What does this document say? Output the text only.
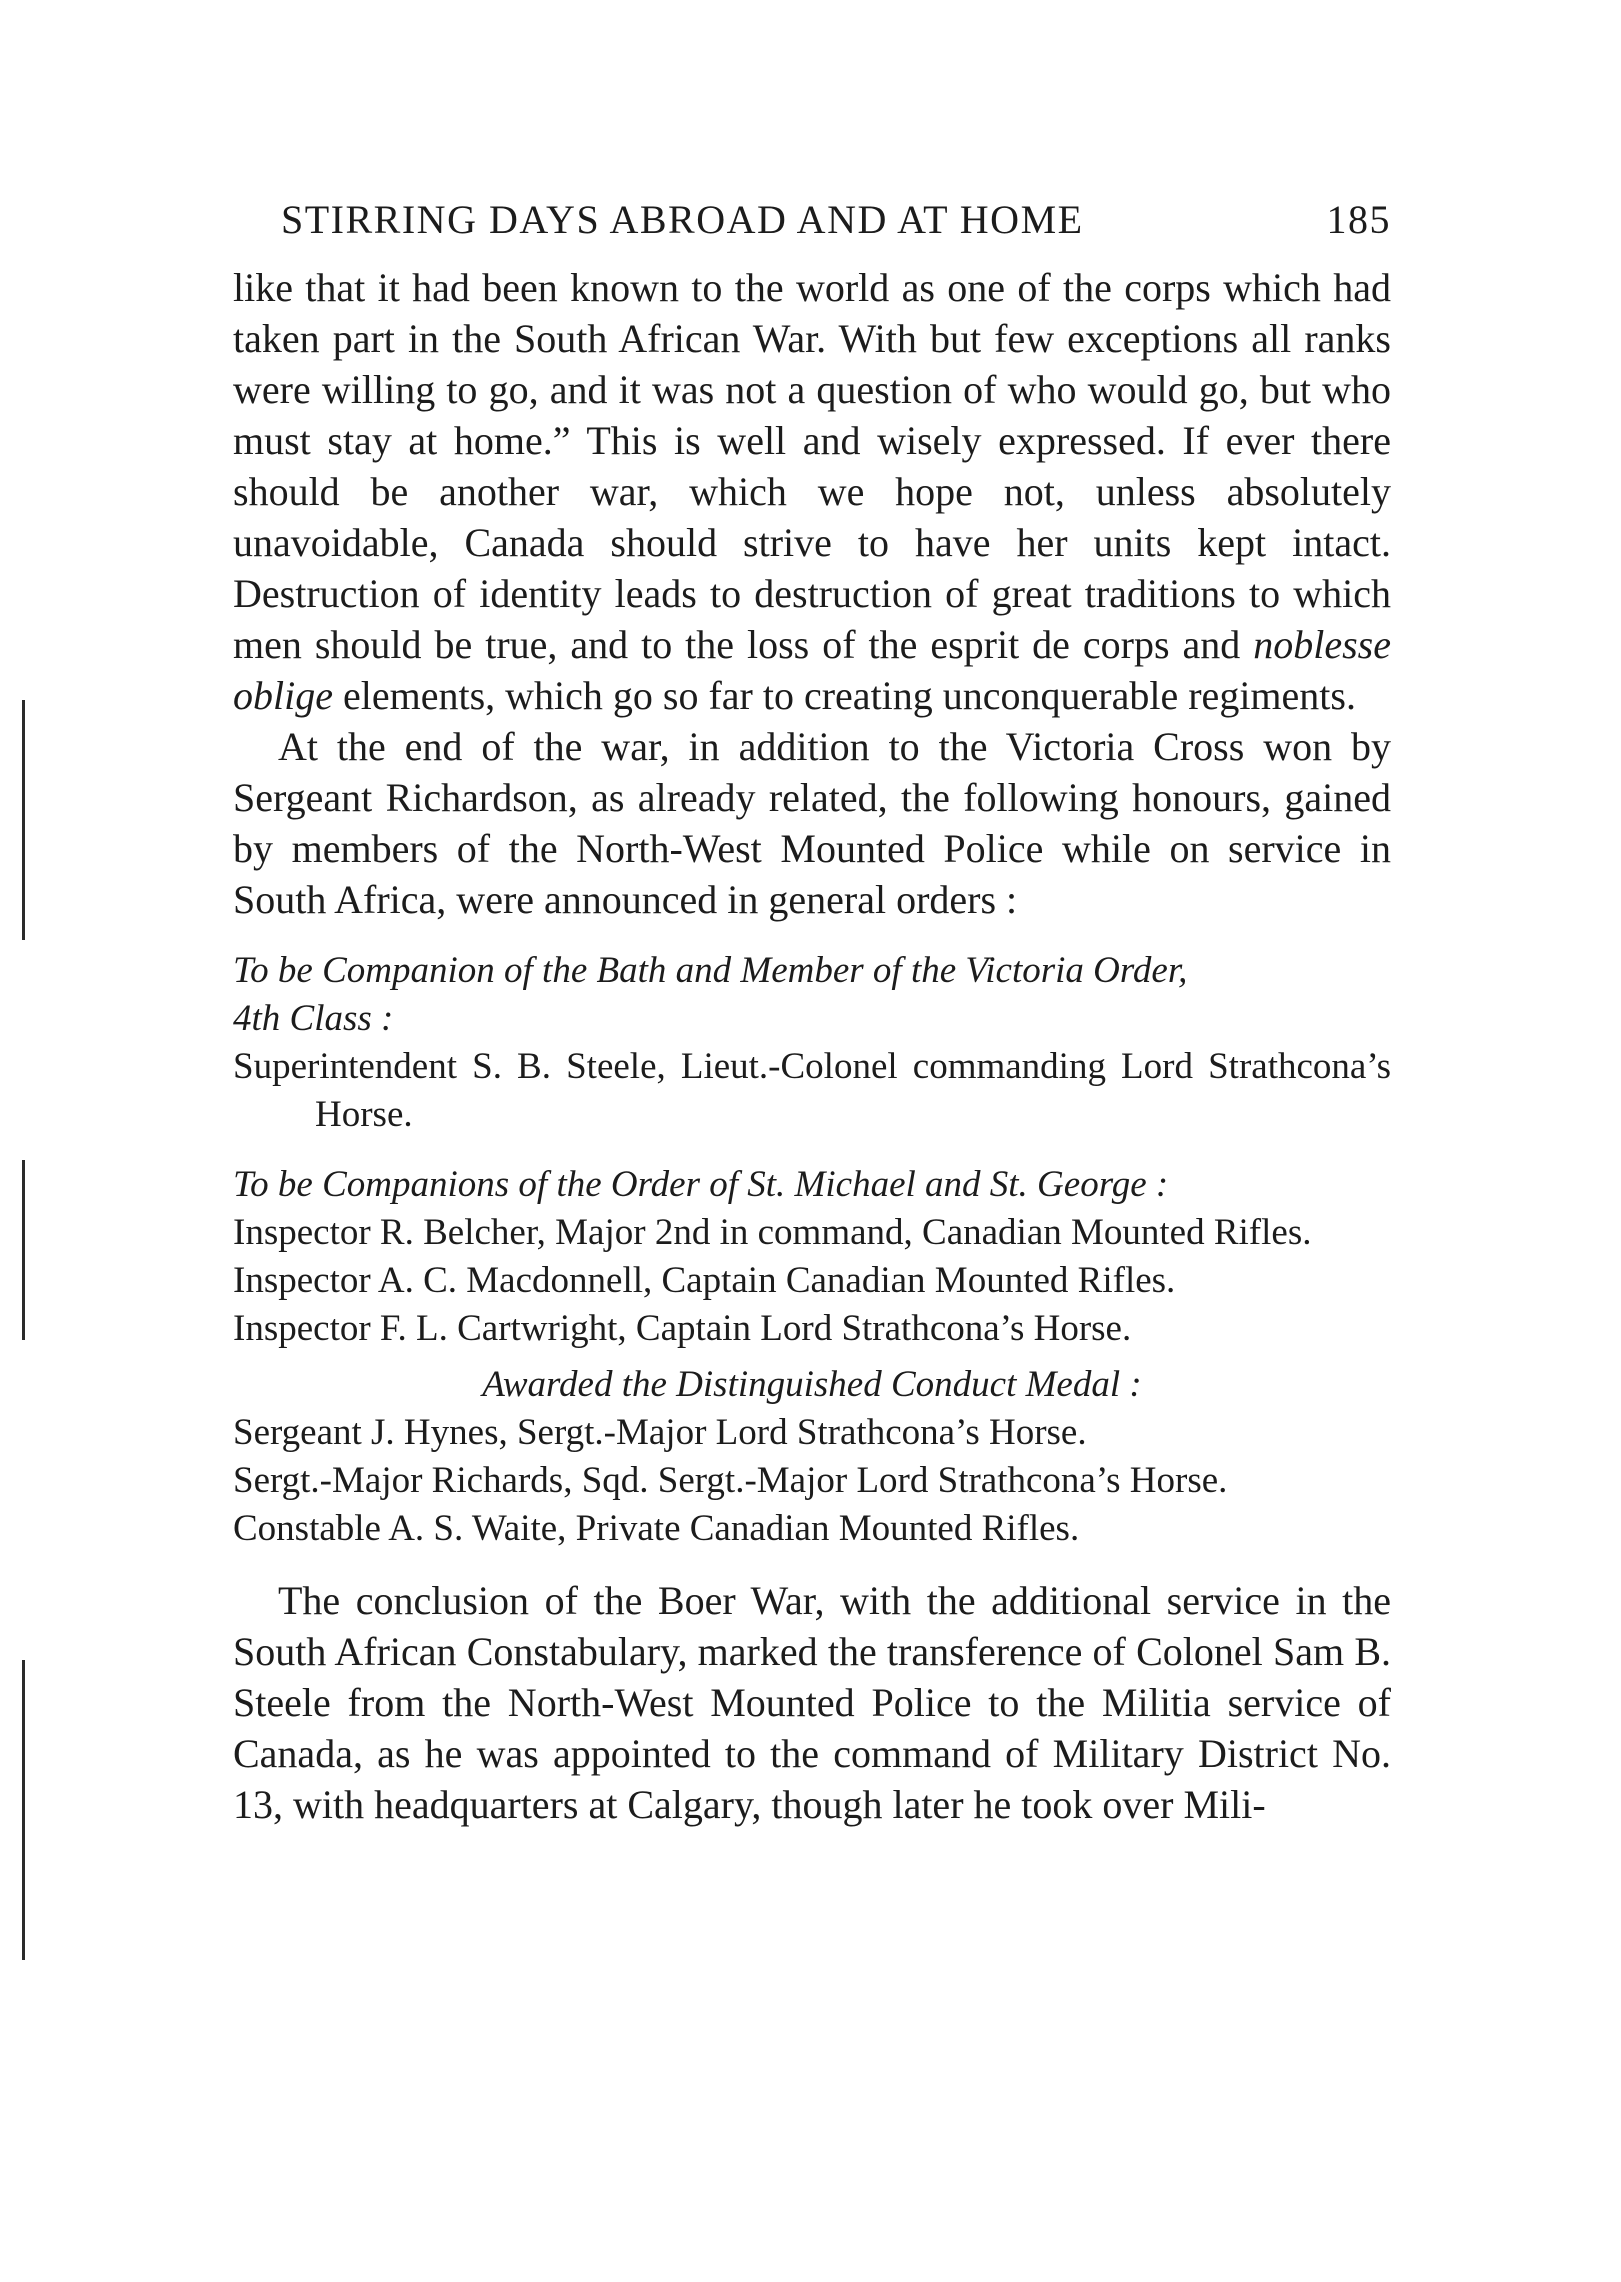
STIRRING DAYS ABROAD AND AT HOME	185

like that it had been known to the world as one of the corps which had taken part in the South African War. With but few exceptions all ranks were willing to go, and it was not a question of who would go, but who must stay at home.” This is well and wisely expressed. If ever there should be another war, which we hope not, unless absolutely unavoidable, Canada should strive to have her units kept intact. Destruction of identity leads to destruction of great traditions to which men should be true, and to the loss of the esprit de corps and noblesse oblige elements, which go so far to creating unconquerable regiments.

At the end of the war, in addition to the Victoria Cross won by Sergeant Richardson, as already related, the following honours, gained by members of the North-West Mounted Police while on service in South Africa, were announced in general orders :

To be Companion of the Bath and Member of the Victoria Order,
4th Class :

Superintendent S. B. Steele, Lieut.-Colonel commanding Lord Strathcona’s Horse.

To be Companions of the Order of St. Michael and St. George :

Inspector R. Belcher, Major 2nd in command, Canadian Mounted Rifles.

Inspector A. C. Macdonnell, Captain Canadian Mounted Rifles.

Inspector F. L. Cartwright, Captain Lord Strathcona’s Horse.

Awarded the Distinguished Conduct Medal :

Sergeant J. Hynes, Sergt.-Major Lord Strathcona’s Horse.

Sergt.-Major Richards, Sqd. Sergt.-Major Lord Strathcona’s Horse.

Constable A. S. Waite, Private Canadian Mounted Rifles.

The conclusion of the Boer War, with the additional service in the South African Constabulary, marked the transference of Colonel Sam B. Steele from the North-West Mounted Police to the Militia service of Canada, as he was appointed to the command of Military District No. 13, with headquarters at Calgary, though later he took over Mili-
